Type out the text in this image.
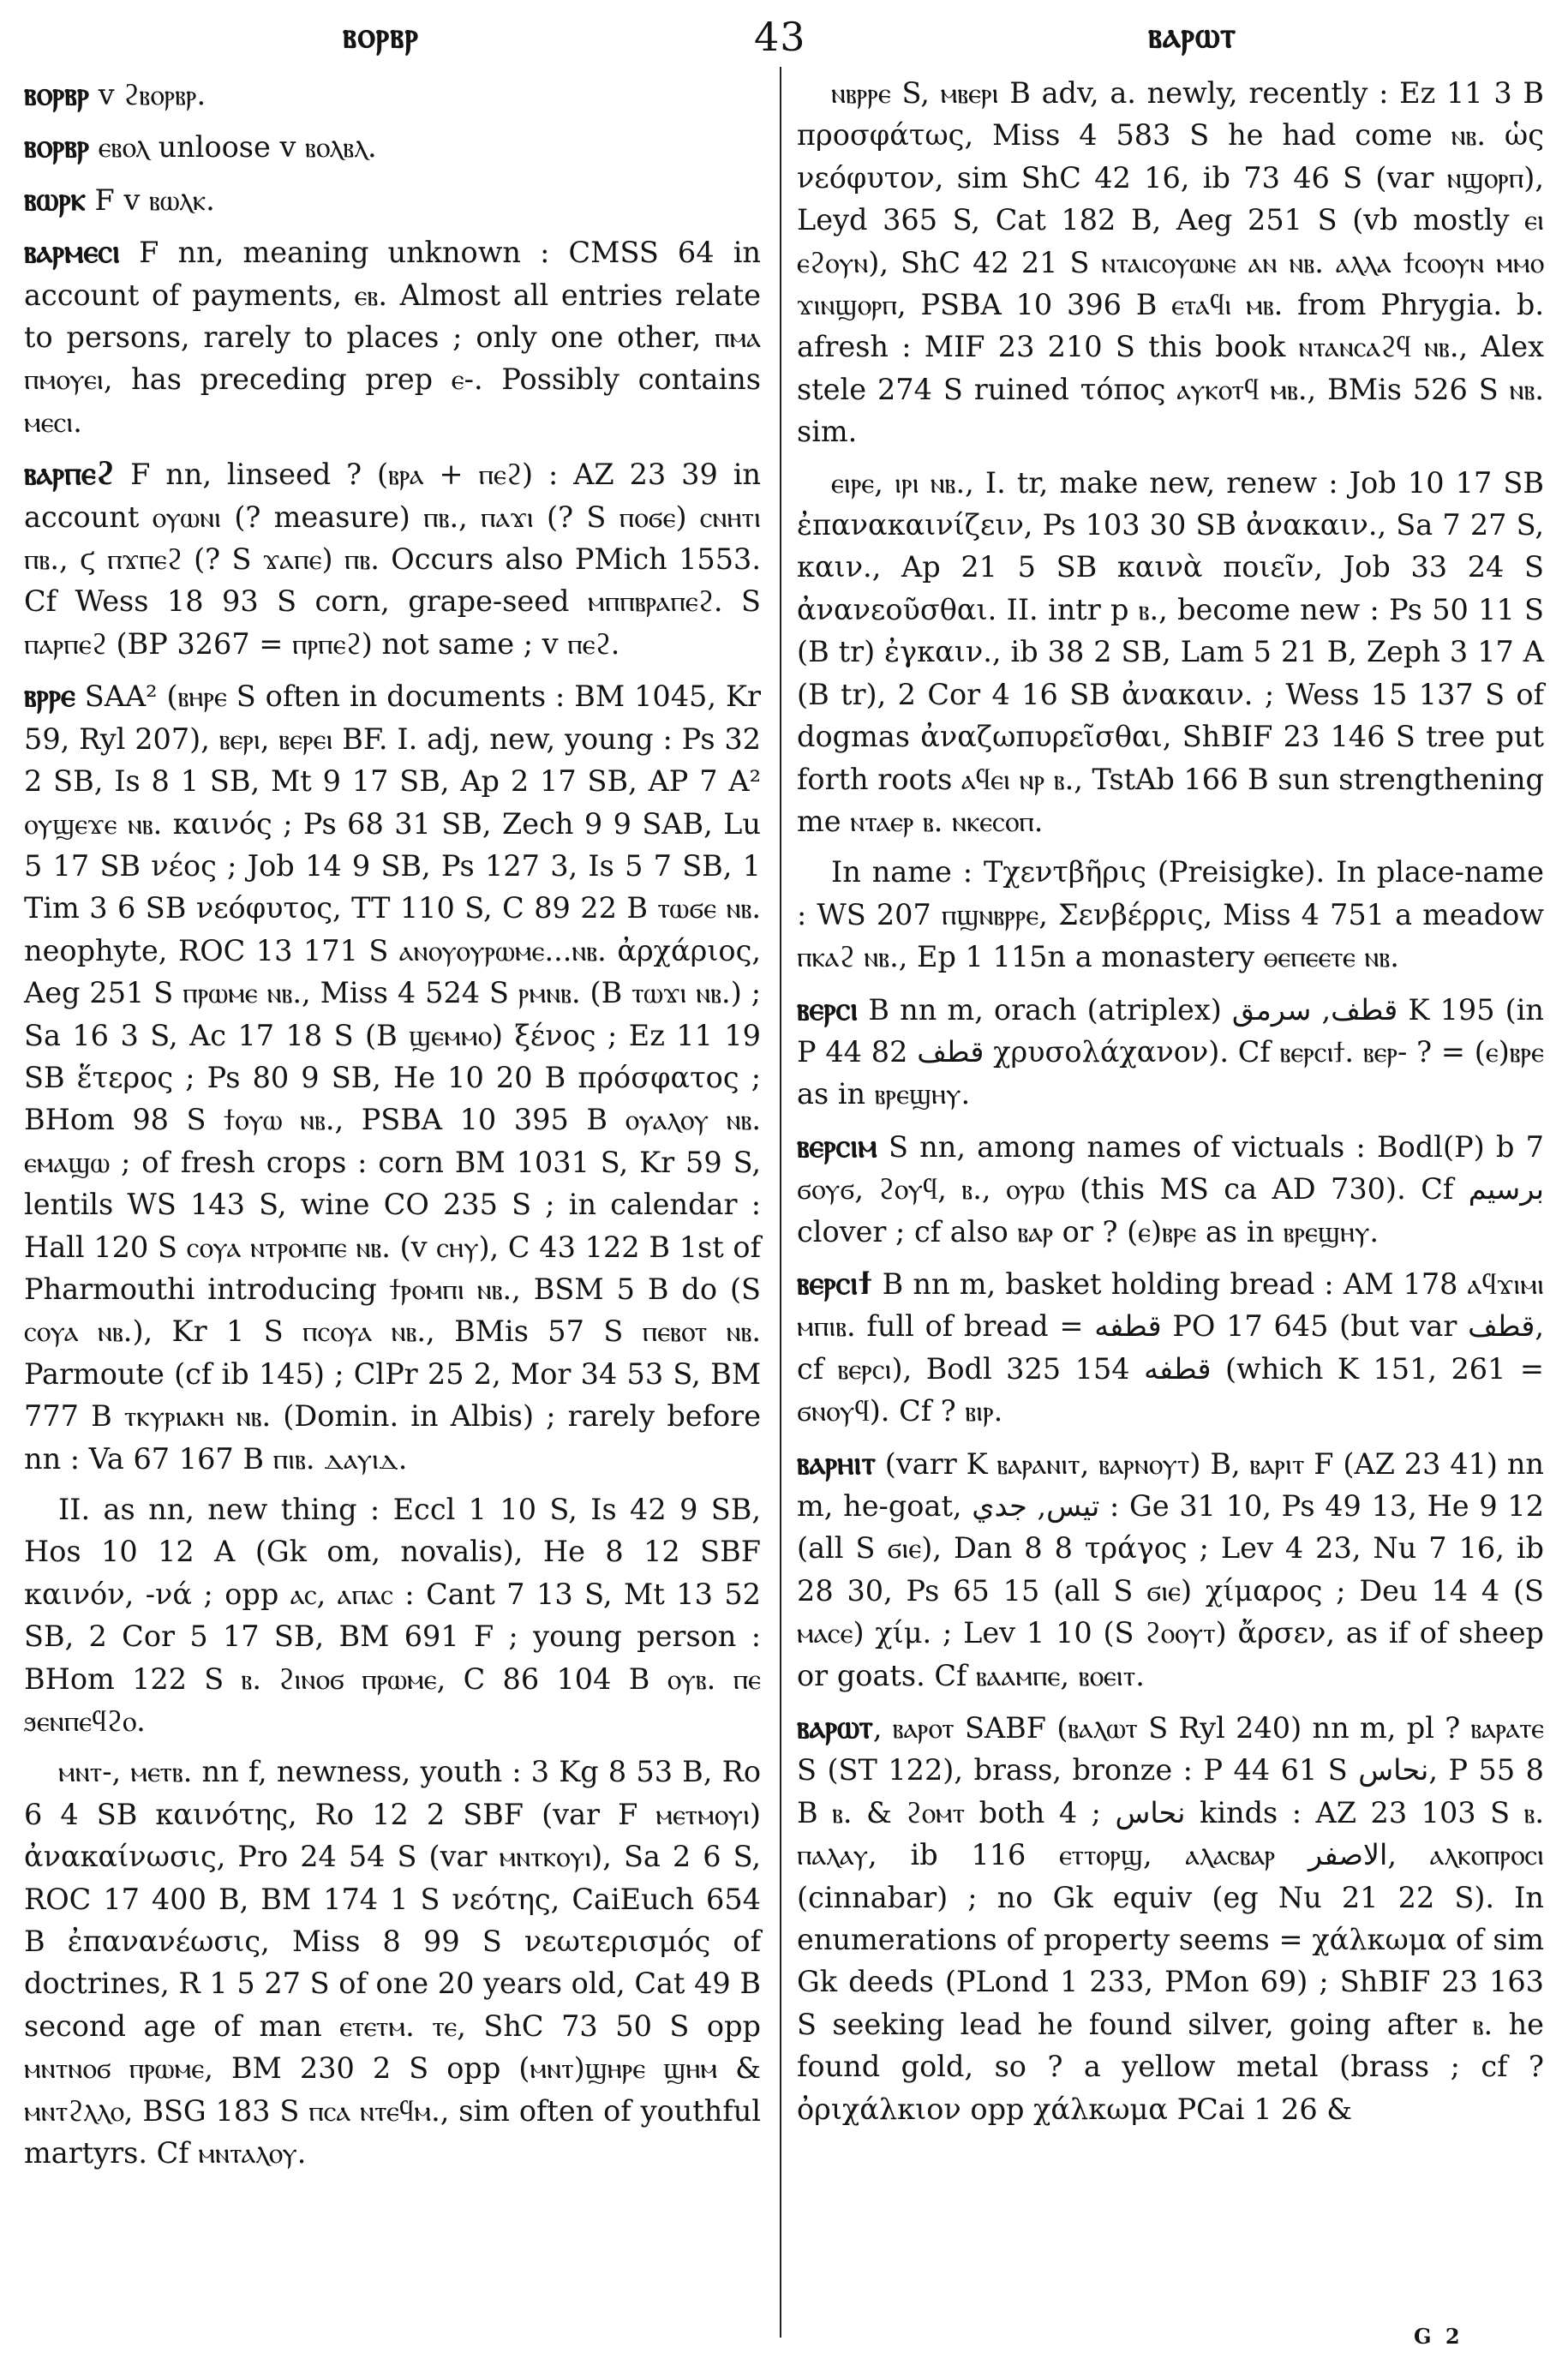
ⲃⲟⲣⲃⲣ	43	ⲃⲁⲣⲱⲧ

ⲃⲟⲣⲃⲣ v ϩⲃⲟⲣⲃⲣ.

ⲃⲟⲣⲃⲣ ⲉⲃⲟⲗ unloose v ⲃⲟⲗⲃⲗ.

ⲃⲱⲣⲕ F v ⲃⲱⲗⲕ.

ⲃⲁⲣⲙⲉⲥⲓ F nn, meaning unknown : CMSS 64 in account of payments, ⲉⲃ. Almost all entries relate to persons, rarely to places ; only one other, ⲡⲙⲁ ⲡⲙⲟⲩⲉⲓ, has preceding prep ⲉ-. Possibly contains ⲙⲉⲥⲓ.

ⲃⲁⲣⲡⲉϩ F nn, linseed ? (ⲃⲣⲁ + ⲡⲉϩ) : AZ 23 39 in account ⲟⲩⲱⲛⲓ (? measure) ⲡⲃ., ⲡⲁϫⲓ (? S ⲡⲟϭⲉ) ⲥⲛⲏⲧⲓ ⲡⲃ., ϛ ⲡϫⲡⲉϩ (? S ϫⲁⲡⲉ) ⲡⲃ. Occurs also PMich 1553. Cf Wess 18 93 S corn, grape-seed ⲙⲡⲡⲃⲣⲁⲡⲉϩ. S ⲡⲁⲣⲡⲉϩ (BP 3267 = ⲡⲣⲡⲉϩ) not same ; v ⲡⲉϩ.

ⲃⲣⲣⲉ SAA² (ⲃⲏⲣⲉ S often in documents : BM 1045, Kr 59, Ryl 207), ⲃⲉⲣⲓ, ⲃⲉⲣⲉⲓ BF. I. adj, new, young : Ps 32 2 SB, Is 8 1 SB, Mt 9 17 SB, Ap 2 17 SB, AP 7 A² ⲟⲩϣⲉϫⲉ ⲛⲃ. καινός ; Ps 68 31 SB, Zech 9 9 SAB, Lu 5 17 SB νέος ; Job 14 9 SB, Ps 127 3, Is 5 7 SB, 1 Tim 3 6 SB νεόφυτος, TT 110 S, C 89 22 B ⲧⲱϭⲉ ⲛⲃ. neophyte, ROC 13 171 S ⲁⲛⲟⲩⲟⲩⲣⲱⲙⲉ...ⲛⲃ. ἀρχάριος, Aeg 251 S ⲡⲣⲱⲙⲉ ⲛⲃ., Miss 4 524 S ⲣⲙⲛⲃ. (B ⲧⲱϫⲓ ⲛⲃ.) ; Sa 16 3 S, Ac 17 18 S (B ϣⲉⲙⲙⲟ) ξένος ; Ez 11 19 SB ἕτερος ; Ps 80 9 SB, He 10 20 B πρόσφατος ; BHom 98 S ϯⲟⲩⲱ ⲛⲃ., PSBA 10 395 B ⲟⲩⲁⲗⲟⲩ ⲛⲃ. ⲉⲙⲁϣⲱ ; of fresh crops : corn BM 1031 S, Kr 59 S, lentils WS 143 S, wine CO 235 S ; in calendar : Hall 120 S ⲥⲟⲩⲁ ⲛⲧⲣⲟⲙⲡⲉ ⲛⲃ. (v ⲥⲏⲩ), C 43 122 B 1st of Pharmouthi introducing ϯⲣⲟⲙⲡⲓ ⲛⲃ., BSM 5 B do (S ⲥⲟⲩⲁ ⲛⲃ.), Kr 1 S ⲡⲥⲟⲩⲁ ⲛⲃ., BMis 57 S ⲡⲉⲃⲟⲧ ⲛⲃ. Parmoute (cf ib 145) ; ClPr 25 2, Mor 34 53 S, BM 777 B ⲧⲕⲩⲣⲓⲁⲕⲏ ⲛⲃ. (Domin. in Albis) ; rarely before nn : Va 67 167 B ⲡⲓⲃ. ⲇⲁⲩⲓⲇ.

II. as nn, new thing : Eccl 1 10 S, Is 42 9 SB, Hos 10 12 A (Gk om, novalis), He 8 12 SBF καινόν, -νά ; opp ⲁⲥ, ⲁⲡⲁⲥ : Cant 7 13 S, Mt 13 52 SB, 2 Cor 5 17 SB, BM 691 F ; young person : BHom 122 S ⲃ. ϩⲓⲛⲟϭ ⲡⲣⲱⲙⲉ, C 86 104 B ⲟⲩⲃ. ⲡⲉ ϧⲉⲛⲡⲉϥϩⲟ.

ⲙⲛⲧ-, ⲙⲉⲧⲃ. nn f, newness, youth : 3 Kg 8 53 B, Ro 6 4 SB καινότης, Ro 12 2 SBF (var F ⲙⲉⲧⲙⲟⲩⲓ) ἀνακαίνωσις, Pro 24 54 S (var ⲙⲛⲧⲕⲟⲩⲓ), Sa 2 6 S, ROC 17 400 B, BM 174 1 S νεότης, CaiEuch 654 B ἐπανανέωσις, Miss 8 99 S νεωτερισμός of doctrines, R 1 5 27 S of one 20 years old, Cat 49 B second age of man ⲉⲧⲉⲧⲙ. ⲧⲉ, ShC 73 50 S opp ⲙⲛⲧⲛⲟϭ ⲡⲣⲱⲙⲉ, BM 230 2 S opp (ⲙⲛⲧ)ϣⲏⲣⲉ ϣⲏⲙ & ⲙⲛⲧϩⲗⲗⲟ, BSG 183 S ⲡⲥⲁ ⲛⲧⲉϥⲙ., sim often of youthful martyrs. Cf ⲙⲛⲧⲁⲗⲟⲩ.

ⲛⲃⲣⲣⲉ S, ⲙⲃⲉⲣⲓ B adv, a. newly, recently : Ez 11 3 B προσφάτως, Miss 4 583 S he had come ⲛⲃ. ὡς νεόφυτον, sim ShC 42 16, ib 73 46 S (var ⲛϣⲟⲣⲡ), Leyd 365 S, Cat 182 B, Aeg 251 S (vb mostly ⲉⲓ ⲉϩⲟⲩⲛ), ShC 42 21 S ⲛⲧⲁⲓⲥⲟⲩⲱⲛⲉ ⲁⲛ ⲛⲃ. ⲁⲗⲗⲁ ϯⲥⲟⲟⲩⲛ ⲙⲙⲟ ϫⲓⲛϣⲟⲣⲡ, PSBA 10 396 B ⲉⲧⲁϥⲓ ⲙⲃ. from Phrygia. b. afresh : MIF 23 210 S this book ⲛⲧⲁⲛⲥⲁϩϥ ⲛⲃ., Alex stele 274 S ruined τόπος ⲁⲩⲕⲟⲧϥ ⲙⲃ., BMis 526 S ⲛⲃ. sim.

ⲉⲓⲣⲉ, ⲓⲣⲓ ⲛⲃ., I. tr, make new, renew : Job 10 17 SB ἐπανακαινίζειν, Ps 103 30 SB ἀνακαιν., Sa 7 27 S, καιν., Ap 21 5 SB καινὰ ποιεῖν, Job 33 24 S ἀνανεοῦσθαι. II. intr p ⲃ., become new : Ps 50 11 S (B tr) ἐγκαιν., ib 38 2 SB, Lam 5 21 B, Zeph 3 17 A (B tr), 2 Cor 4 16 SB ἀνακαιν. ; Wess 15 137 S of dogmas ἀναζωπυρεῖσθαι, ShBIF 23 146 S tree put forth roots ⲁϥⲉⲓ ⲛⲣ ⲃ., TstAb 166 B sun strengthening me ⲛⲧⲁⲉⲣ ⲃ. ⲛⲕⲉⲥⲟⲡ.

In name : Τχεντβῆρις (Preisigke). In place-name : WS 207 ⲡϣⲛⲃⲣⲣⲉ, Σενβέρρις, Miss 4 751 a meadow ⲡⲕⲁϩ ⲛⲃ., Ep 1 115n a monastery ⲑⲉⲡⲉⲉⲧⲉ ⲛⲃ.

ⲃⲉⲣⲥⲓ B nn m, orach (atriplex) قطف, سرمق K 195 (in P 44 82 قطف χρυσολάχανον). Cf ⲃⲉⲣⲥⲓϯ. ⲃⲉⲣ- ? = (ⲉ)ⲃⲣⲉ as in ⲃⲣⲉϣⲏⲩ.

ⲃⲉⲣⲥⲓⲙ S nn, among names of victuals : Bodl(P) b 7 ϭⲟⲩϭ, ϩⲟⲩϥ, ⲃ., ⲟⲩⲣⲱ (this MS ca AD 730). Cf برسيم clover ; cf also ⲃⲁⲣ or ? (ⲉ)ⲃⲣⲉ as in ⲃⲣⲉϣⲏⲩ.

ⲃⲉⲣⲥⲓϯ B nn m, basket holding bread : AM 178 ⲁϥϫⲓⲙⲓ ⲙⲡⲓⲃ. full of bread = قطفه PO 17 645 (but var قطف, cf ⲃⲉⲣⲥⲓ), Bodl 325 154 قطفه (which K 151, 261 = ϭⲛⲟⲩϥ). Cf ? ⲃⲓⲣ.

ⲃⲁⲣⲏⲓⲧ (varr K ⲃⲁⲣⲁⲛⲓⲧ, ⲃⲁⲣⲛⲟⲩⲧ) B, ⲃⲁⲣⲓⲧ F (AZ 23 41) nn m, he-goat, تيس, جدي : Ge 31 10, Ps 49 13, He 9 12 (all S ϭⲓⲉ), Dan 8 8 τράγος ; Lev 4 23, Nu 7 16, ib 28 30, Ps 65 15 (all S ϭⲓⲉ) χίμαρος ; Deu 14 4 (S ⲙⲁⲥⲉ) χίμ. ; Lev 1 10 (S ϩⲟⲟⲩⲧ) ἄρσεν, as if of sheep or goats. Cf ⲃⲁⲁⲙⲡⲉ, ⲃⲟⲉⲓⲧ.

ⲃⲁⲣⲱⲧ, ⲃⲁⲣⲟⲧ SABF (ⲃⲁⲗⲱⲧ S Ryl 240) nn m, pl ? ⲃⲁⲣⲁⲧⲉ S (ST 122), brass, bronze : P 44 61 S نحاس, P 55 8 B ⲃ. & ϩⲟⲙⲧ both نحاس ; 4 kinds : AZ 23 103 S ⲃ. ⲡⲁⲗⲁⲩ, ib 116 ⲉⲧⲧⲟⲣϣ, ⲁⲗⲁⲥⲃⲁⲣ الاصفر, ⲁⲗⲕⲟⲡⲣⲟⲥⲓ (cinnabar) ; no Gk equiv (eg Nu 21 22 S). In enumerations of property seems = χάλκωμα of sim Gk deeds (PLond 1 233, PMon 69) ; ShBIF 23 163 S seeking lead he found silver, going after ⲃ. he found gold, so ? a yellow metal (brass ; cf ? ὀριχάλκιον opp χάλκωμα PCai 1 26 &

G 2
